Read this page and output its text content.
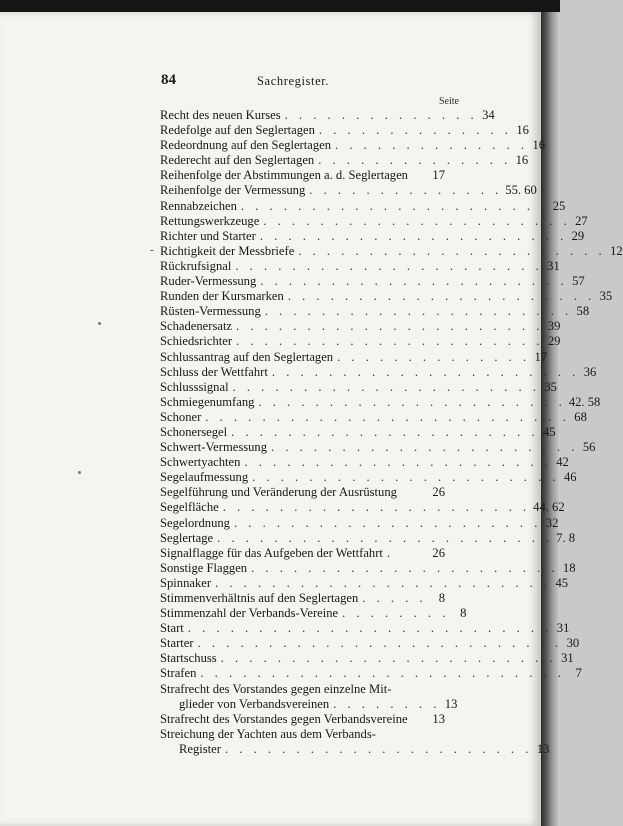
84	Sachregister.
Seite
-
Recht des neuen Kurses . . . . . . . . . . . . . . 34
Redefolge auf den Seglertagen . . . . . . . . . . . . . . 16
Redeordnung auf den Seglertagen . . . . . . . . . . . . . . 16
Rederecht auf den Seglertagen . . . . . . . . . . . . . . 16
Reihenfolge der Abstimmungen a. d. Seglertagen 17
Reihenfolge der Vermessung . . . . . . . . . . . . . . 55. 60
Rennabzeichen . . . . . . . . . . . . . . . . . . . . . . 25
Rettungswerkzeuge . . . . . . . . . . . . . . . . . . . . . . 27
Richter und Starter . . . . . . . . . . . . . . . . . . . . . . 29
Richtigkeit der Messbriefe . . . . . . . . . . . . . . . . . . . . . . 12
Rückrufsignal . . . . . . . . . . . . . . . . . . . . . . 31
Ruder-Vermessung . . . . . . . . . . . . . . . . . . . . . . 57
Runden der Kursmarken . . . . . . . . . . . . . . . . . . . . . . 35
Rüsten-Vermessung . . . . . . . . . . . . . . . . . . . . . . 58
Schadenersatz . . . . . . . . . . . . . . . . . . . . . . 39
Schiedsrichter . . . . . . . . . . . . . . . . . . . . . . 29
Schlussantrag auf den Seglertagen . . . . . . . . . . . . . . 17
Schluss der Wettfahrt . . . . . . . . . . . . . . . . . . . . . . 36
Schlusssignal . . . . . . . . . . . . . . . . . . . . . . 35
Schmiegenumfang . . . . . . . . . . . . . . . . . . . . . . 42. 58
Schoner . . . . . . . . . . . . . . . . . . . . . . . . . . 68
Schonersegel . . . . . . . . . . . . . . . . . . . . . . 45
Schwert-Vermessung . . . . . . . . . . . . . . . . . . . . . . 56
Schwertyachten . . . . . . . . . . . . . . . . . . . . . . 42
Segelaufmessung . . . . . . . . . . . . . . . . . . . . . . 46
Segelführung und Veränderung der Ausrüstung	26
Segelfläche . . . . . . . . . . . . . . . . . . . . . . 44. 62
Segelordnung . . . . . . . . . . . . . . . . . . . . . . 32
Seglertage . . . . . . . . . . . . . . . . . . . . . . . . 7. 8
Signalflagge für das Aufgeben der Wettfahrt .	26
Sonstige Flaggen . . . . . . . . . . . . . . . . . . . . . . 18
Spinnaker . . . . . . . . . . . . . . . . . . . . . . . . 45
Stimmenverhältnis auf den Seglertagen . . . . . 8
Stimmenzahl der Verbands-Vereine . . . . . . . . 8
Start . . . . . . . . . . . . . . . . . . . . . . . . . . 31
Starter . . . . . . . . . . . . . . . . . . . . . . . . . . 30
Startschuss . . . . . . . . . . . . . . . . . . . . . . . . 31
Strafen . . . . . . . . . . . . . . . . . . . . . . . . . . 7
Strafrecht des Vorstandes gegen einzelne Mit-
glieder von Verbandsvereinen . . . . . . . . 13
Strafrecht des Vorstandes gegen Verbandsvereine 13
Streichung der Yachten aus dem Verbands-
Register . . . . . . . . . . . . . . . . . . . . . . 13
